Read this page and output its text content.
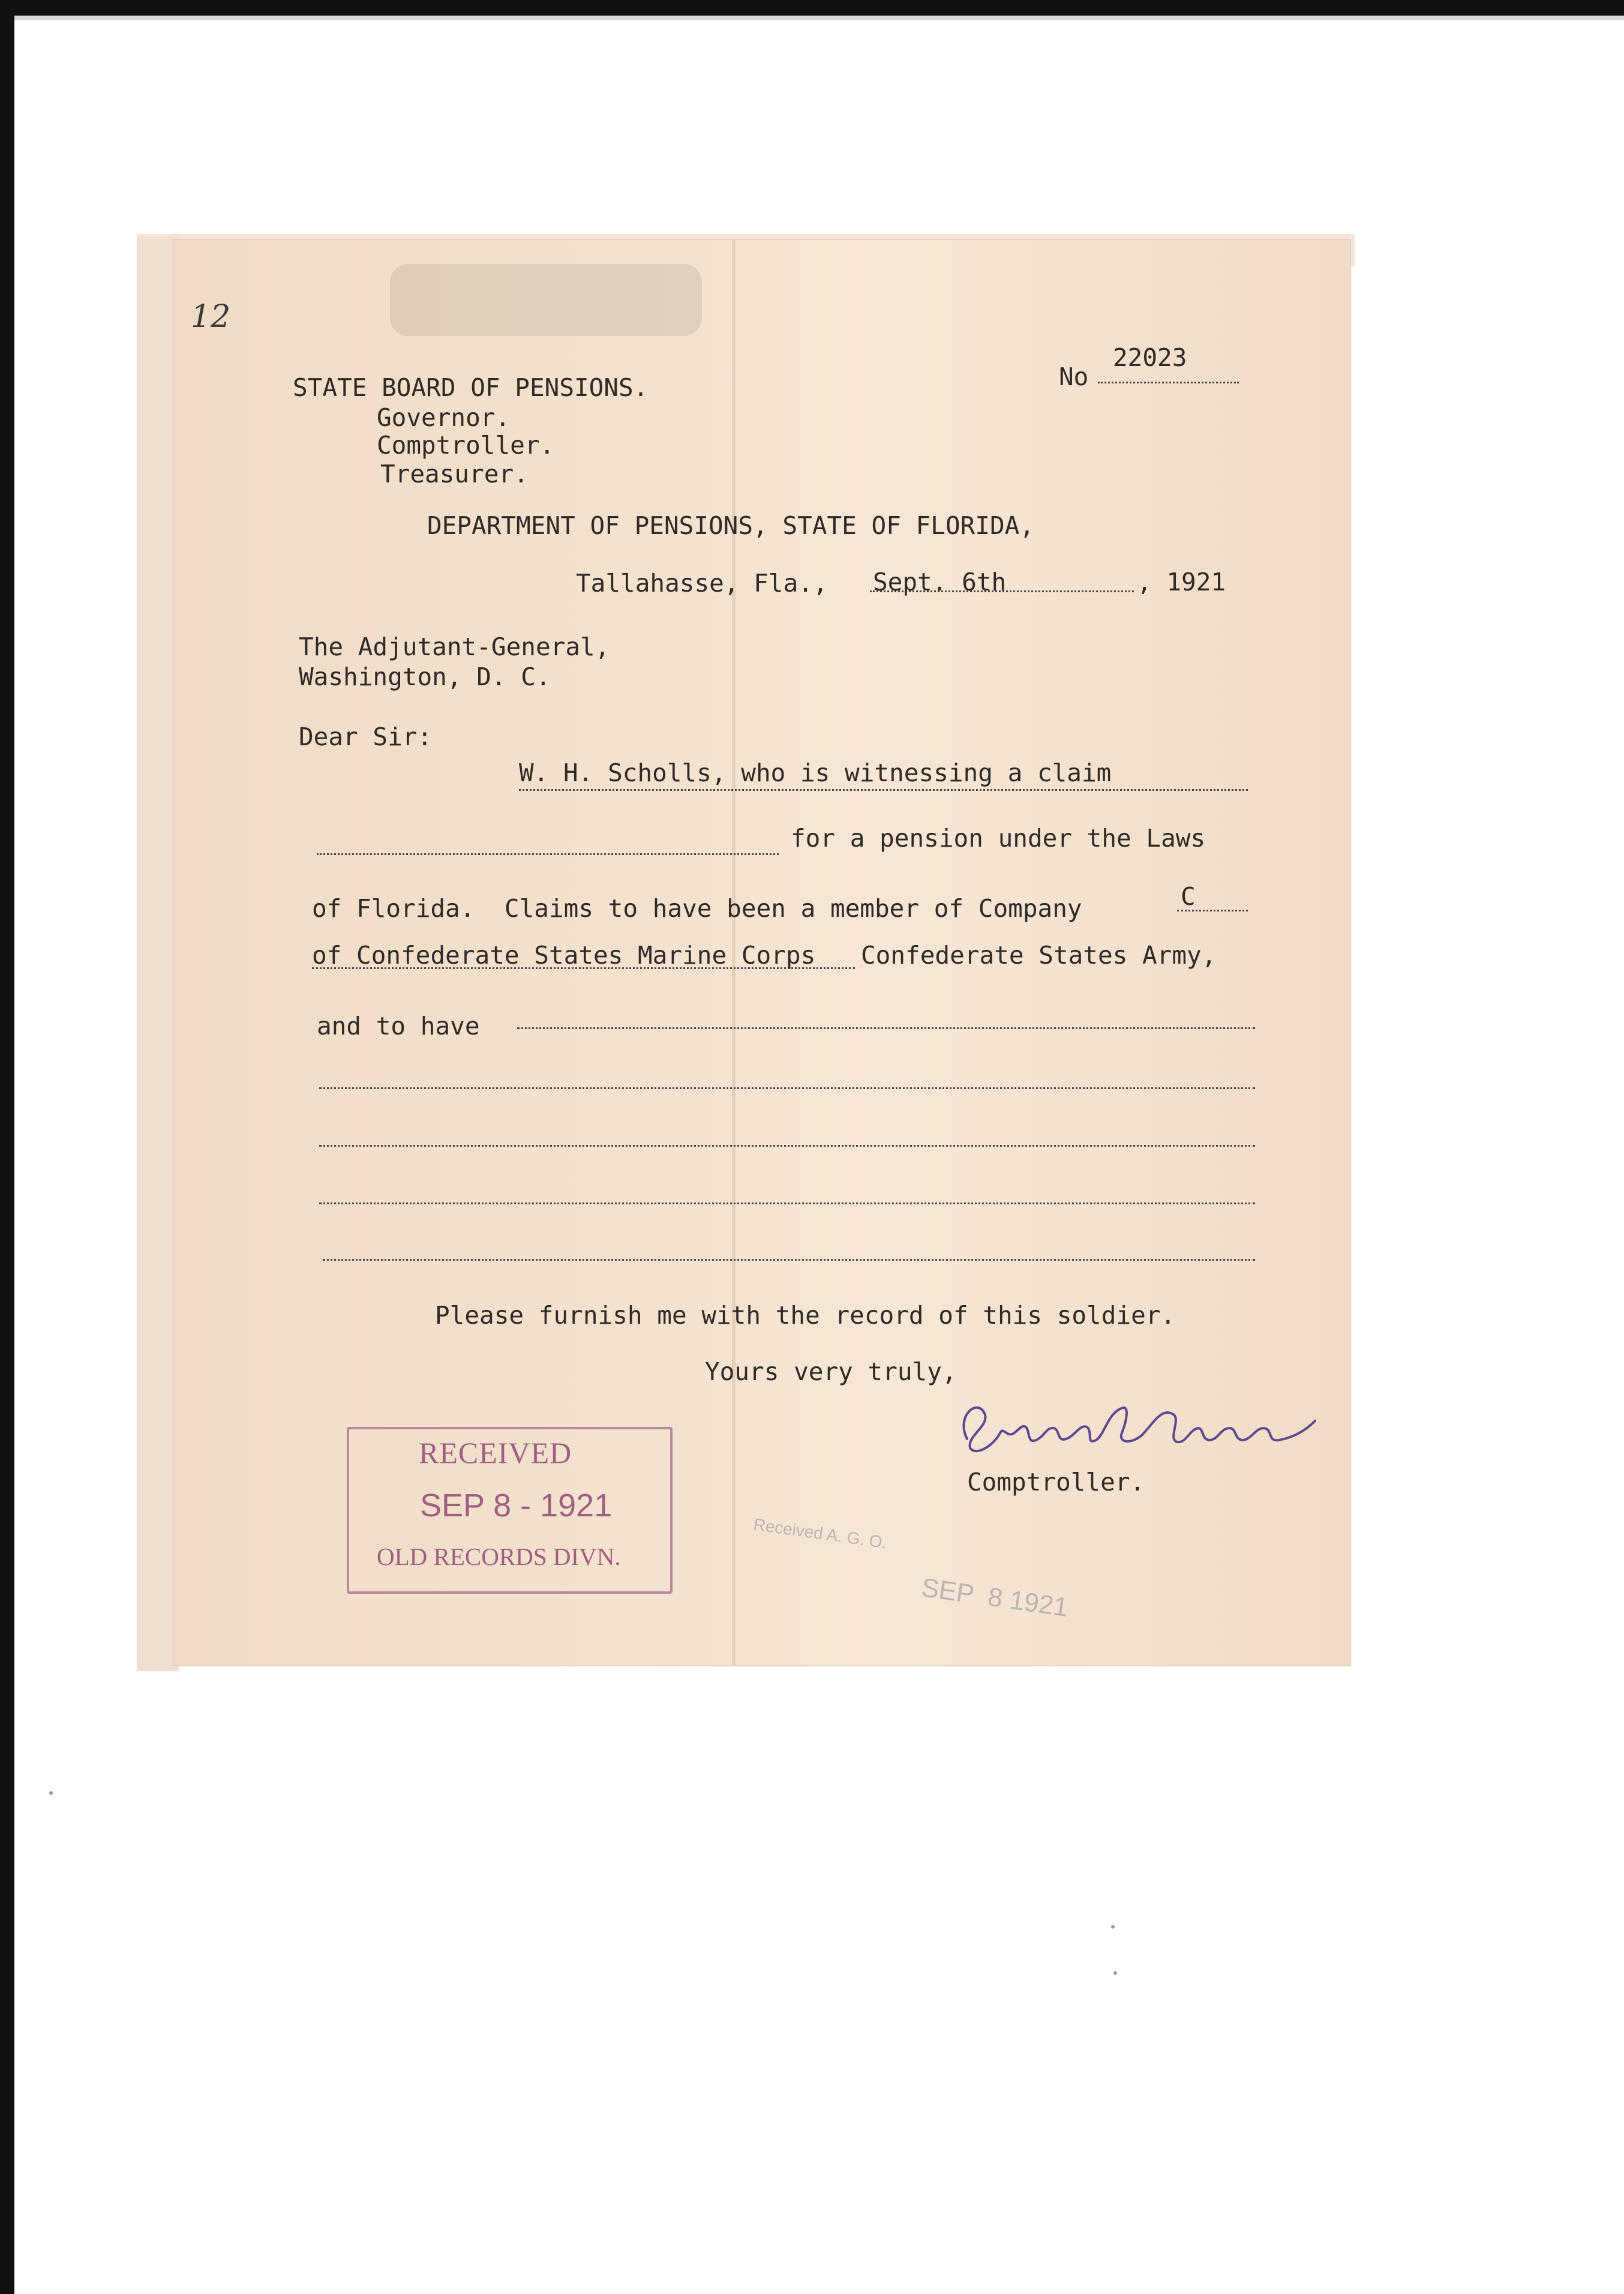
12
No
22023
STATE BOARD OF PENSIONS.
Governor.
Comptroller.
Treasurer.
DEPARTMENT OF PENSIONS, STATE OF FLORIDA,
Tallahasse, Fla., Sept. 6th	, 1921
The Adjutant-General,
Washington, D. C.
Dear Sir:
W. H. Scholls, who is witnessing a claim
for a pension under the Laws
of Florida.  Claims to have been a member of Company	C
of Confederate States Marine Corps Confederate States Army,
and to have
Please furnish me with the record of this soldier.
Yours very truly,
Comptroller.
RECEIVED
SEP 8 - 1921
OLD RECORDS DIVN.
Received A. G. O.
SEP  8 1921
